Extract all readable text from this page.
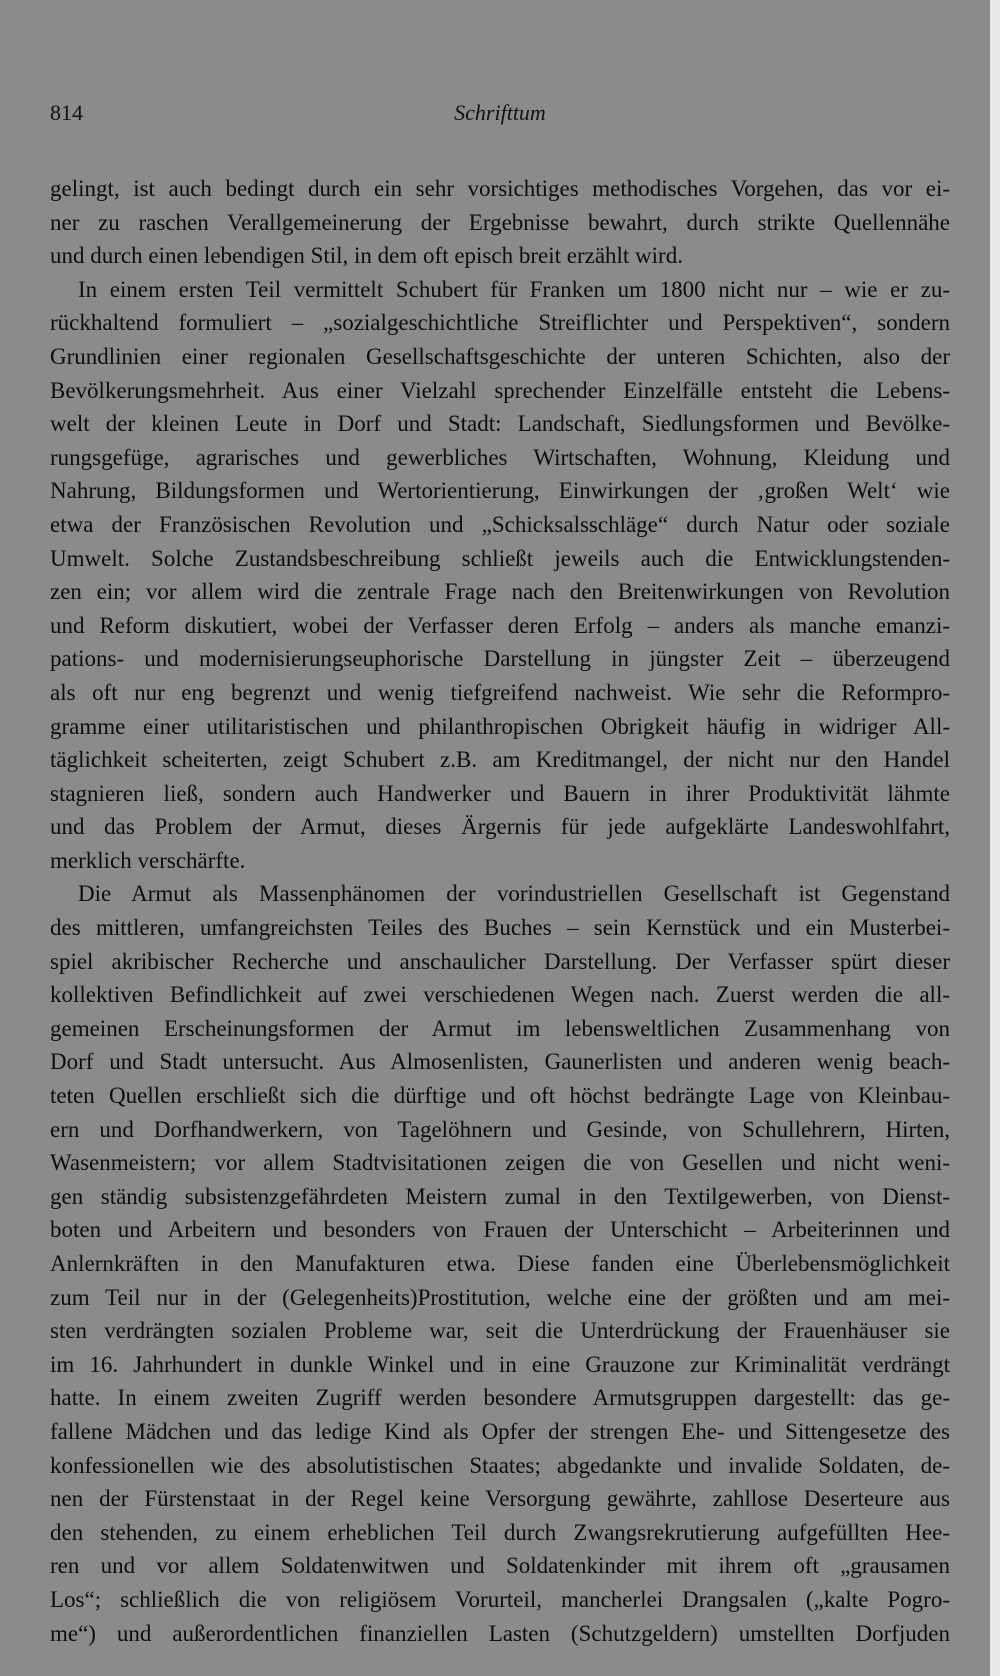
814	Schrifttum
gelingt, ist auch bedingt durch ein sehr vorsichtiges methodisches Vorgehen, das vor ei-
ner zu raschen Verallgemeinerung der Ergebnisse bewahrt, durch strikte Quellennähe
und durch einen lebendigen Stil, in dem oft episch breit erzählt wird.
In einem ersten Teil vermittelt Schubert für Franken um 1800 nicht nur – wie er zu-
rückhaltend formuliert – „sozialgeschichtliche Streiflichter und Perspektiven“, sondern
Grundlinien einer regionalen Gesellschaftsgeschichte der unteren Schichten, also der
Bevölkerungsmehrheit. Aus einer Vielzahl sprechender Einzelfälle entsteht die Lebens-
welt der kleinen Leute in Dorf und Stadt: Landschaft, Siedlungsformen und Bevölke-
rungsgefüge, agrarisches und gewerbliches Wirtschaften, Wohnung, Kleidung und
Nahrung, Bildungsformen und Wertorientierung, Einwirkungen der ‚großen Welt‘ wie
etwa der Französischen Revolution und „Schicksalsschläge“ durch Natur oder soziale
Umwelt. Solche Zustandsbeschreibung schließt jeweils auch die Entwicklungstenden-
zen ein; vor allem wird die zentrale Frage nach den Breitenwirkungen von Revolution
und Reform diskutiert, wobei der Verfasser deren Erfolg – anders als manche emanzi-
pations- und modernisierungseuphorische Darstellung in jüngster Zeit – überzeugend
als oft nur eng begrenzt und wenig tiefgreifend nachweist. Wie sehr die Reformpro-
gramme einer utilitaristischen und philanthropischen Obrigkeit häufig in widriger All-
täglichkeit scheiterten, zeigt Schubert z.B. am Kreditmangel, der nicht nur den Handel
stagnieren ließ, sondern auch Handwerker und Bauern in ihrer Produktivität lähmte
und das Problem der Armut, dieses Ärgernis für jede aufgeklärte Landeswohlfahrt,
merklich verschärfte.
Die Armut als Massenphänomen der vorindustriellen Gesellschaft ist Gegenstand
des mittleren, umfangreichsten Teiles des Buches – sein Kernstück und ein Musterbei-
spiel akribischer Recherche und anschaulicher Darstellung. Der Verfasser spürt dieser
kollektiven Befindlichkeit auf zwei verschiedenen Wegen nach. Zuerst werden die all-
gemeinen Erscheinungsformen der Armut im lebensweltlichen Zusammenhang von
Dorf und Stadt untersucht. Aus Almosenlisten, Gaunerlisten und anderen wenig beach-
teten Quellen erschließt sich die dürftige und oft höchst bedrängte Lage von Kleinbau-
ern und Dorfhandwerkern, von Tagelöhnern und Gesinde, von Schullehrern, Hirten,
Wasenmeistern; vor allem Stadtvisitationen zeigen die von Gesellen und nicht weni-
gen ständig subsistenzgefährdeten Meistern zumal in den Textilgewerben, von Dienst-
boten und Arbeitern und besonders von Frauen der Unterschicht – Arbeiterinnen und
Anlernkräften in den Manufakturen etwa. Diese fanden eine Überlebensmöglichkeit
zum Teil nur in der (Gelegenheits)Prostitution, welche eine der größten und am mei-
sten verdrängten sozialen Probleme war, seit die Unterdrückung der Frauenhäuser sie
im 16. Jahrhundert in dunkle Winkel und in eine Grauzone zur Kriminalität verdrängt
hatte. In einem zweiten Zugriff werden besondere Armutsgruppen dargestellt: das ge-
fallene Mädchen und das ledige Kind als Opfer der strengen Ehe- und Sittengesetze des
konfessionellen wie des absolutistischen Staates; abgedankte und invalide Soldaten, de-
nen der Fürstenstaat in der Regel keine Versorgung gewährte, zahllose Deserteure aus
den stehenden, zu einem erheblichen Teil durch Zwangsrekrutierung aufgefüllten Hee-
ren und vor allem Soldatenwitwen und Soldatenkinder mit ihrem oft „grausamen
Los“; schließlich die von religiösem Vorurteil, mancherlei Drangsalen („kalte Pogro-
me“) und außerordentlichen finanziellen Lasten (Schutzgeldern) umstellten Dorfjuden
